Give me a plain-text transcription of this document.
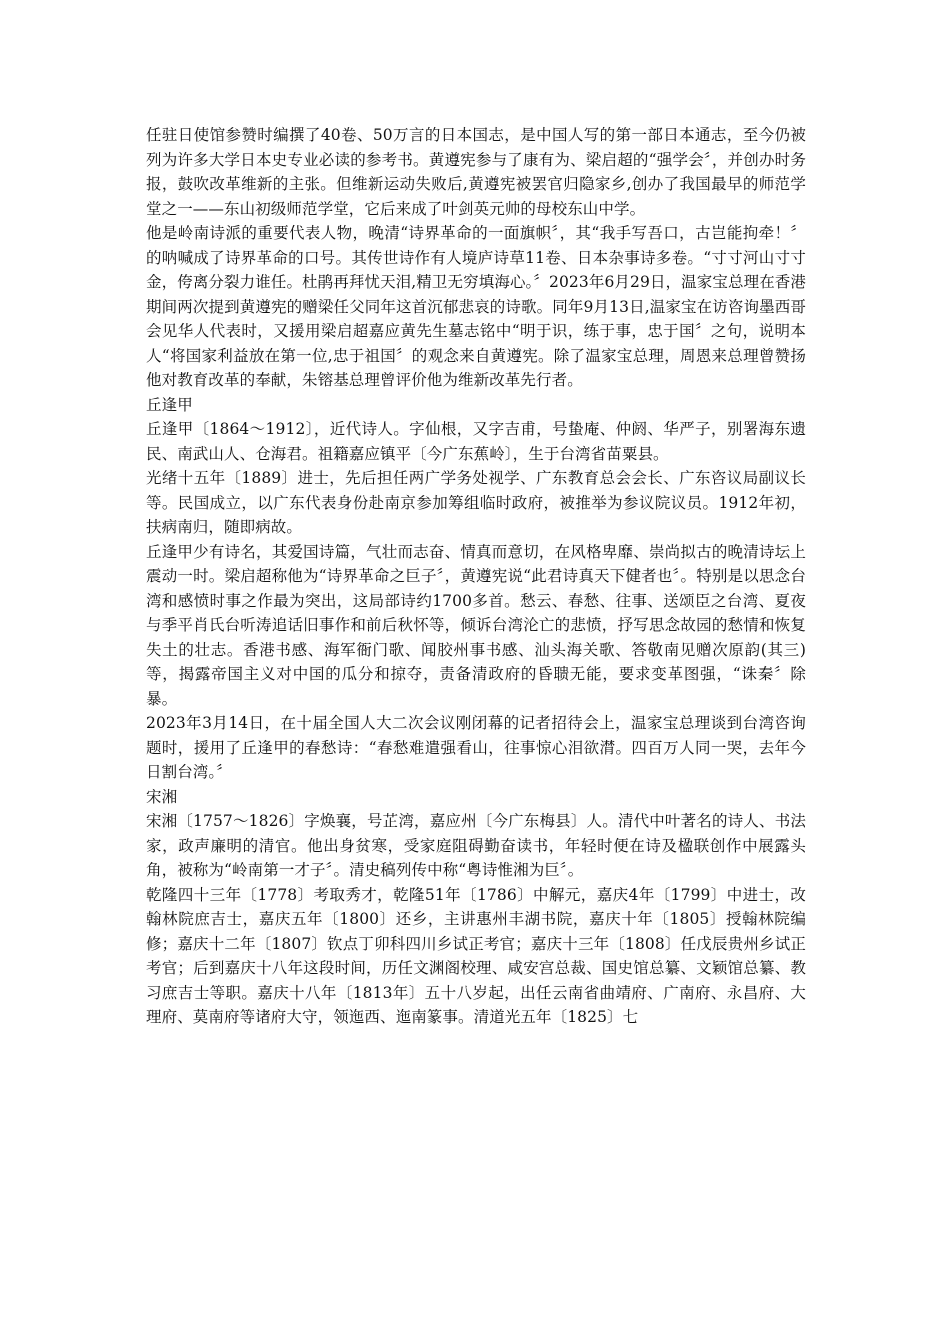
任驻日使馆参赞时编撰了40卷、50万言的日本国志，是中国人写的第一部日本通志，至今仍被列为许多大学日本史专业必读的参考书。黄遵宪参与了康有为、梁启超的“强学会〞，并创办时务报，鼓吹改革维新的主张。但维新运动失败后,黄遵宪被罢官归隐家乡,创办了我国最早的师范学堂之一——东山初级师范学堂，它后来成了叶剑英元帅的母校东山中学。

他是岭南诗派的重要代表人物，晚清“诗界革命的一面旗帜〞，其“我手写吾口，古岂能拘牵！〞的呐喊成了诗界革命的口号。其传世诗作有人境庐诗草11卷、日本杂事诗多卷。“寸寸河山寸寸金，侉离分裂力谁任。杜鹃再拜忧天泪,精卫无穷填海心。〞2023年6月29日，温家宝总理在香港期间两次提到黄遵宪的赠梁任父同年这首沉郁悲哀的诗歌。同年9月13日,温家宝在访咨询墨西哥会见华人代表时，又援用梁启超嘉应黄先生墓志铭中“明于识，练于事，忠于国〞之句，说明本人“将国家利益放在第一位,忠于祖国〞的观念来自黄遵宪。除了温家宝总理，周恩来总理曾赞扬他对教育改革的奉献，朱镕基总理曾评价他为维新改革先行者。

丘逢甲

丘逢甲〔1864～1912〕，近代诗人。字仙根，又字吉甫，号蛰庵、仲阏、华严子，别署海东遗民、南武山人、仓海君。祖籍嘉应镇平〔今广东蕉岭〕，生于台湾省苗粟县。

光绪十五年〔1889〕进士，先后担任两广学务处视学、广东教育总会会长、广东咨议局副议长等。民国成立，以广东代表身份赴南京参加筹组临时政府，被推举为参议院议员。1912年初，扶病南归，随即病故。

丘逢甲少有诗名，其爱国诗篇，气壮而志奋、情真而意切，在风格卑靡、崇尚拟古的晚清诗坛上震动一时。梁启超称他为“诗界革命之巨子〞，黄遵宪说“此君诗真天下健者也〞。特别是以思念台湾和感愤时事之作最为突出，这局部诗约1700多首。愁云、春愁、往事、送颂臣之台湾、夏夜与季平肖氏台听涛追话旧事作和前后秋怀等，倾诉台湾沦亡的悲愤，抒写思念故园的愁情和恢复失土的壮志。香港书感、海军衙门歌、闻胶州事书感、汕头海关歌、答敬南见赠次原韵(其三)等，揭露帝国主义对中国的瓜分和掠夺，责备清政府的昏聩无能，要求变革图强，“诛秦〞除暴。

2023年3月14日，在十届全国人大二次会议刚闭幕的记者招待会上，温家宝总理谈到台湾咨询题时，援用了丘逢甲的春愁诗：“春愁难遣强看山，往事惊心泪欲潸。四百万人同一哭，去年今日割台湾。〞

宋湘

宋湘〔1757～1826〕字焕襄，号芷湾，嘉应州〔今广东梅县〕人。清代中叶著名的诗人、书法家，政声廉明的清官。他出身贫寒，受家庭阻碍勤奋读书，年轻时便在诗及楹联创作中展露头角，被称为“岭南第一才子〞。清史稿列传中称“粤诗惟湘为巨〞。

乾隆四十三年〔1778〕考取秀才，乾隆51年〔1786〕中解元，嘉庆4年〔1799〕中进士，改翰林院庶吉士，嘉庆五年〔1800〕还乡，主讲惠州丰湖书院，嘉庆十年〔1805〕授翰林院编修；嘉庆十二年〔1807〕钦点丁卯科四川乡试正考官；嘉庆十三年〔1808〕任戊辰贵州乡试正考官；后到嘉庆十八年这段时间，历任文渊阁校理、咸安宫总裁、国史馆总纂、文颖馆总纂、教习庶吉士等职。嘉庆十八年〔1813年〕五十八岁起，出任云南省曲靖府、广南府、永昌府、大理府、莫南府等诸府大守，领迤西、迤南篆事。清道光五年〔1825〕七
